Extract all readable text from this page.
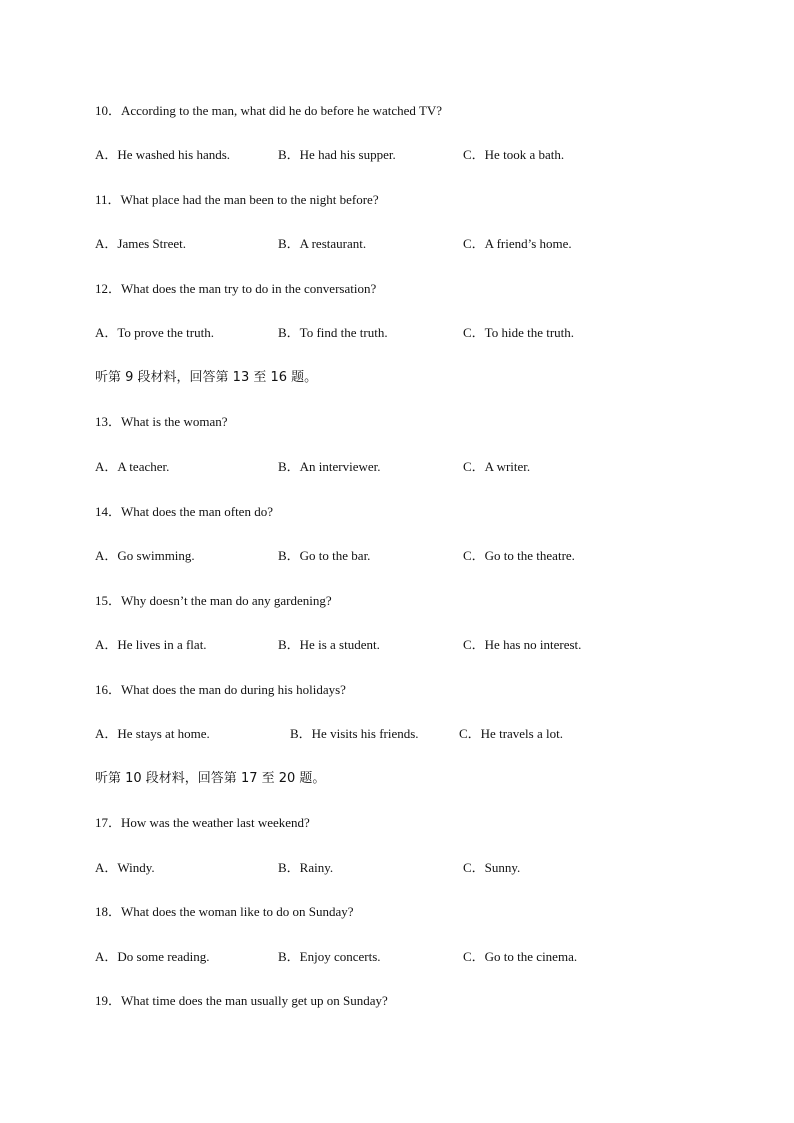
10．According to the man, what did he do before he watched TV?
A．He washed his hands.	B．He had his supper.	C．He took a bath.
11．What place had the man been to the night before?
A．James Street.	B．A restaurant.	C．A friend’s home.
12．What does the man try to do in the conversation?
A．To prove the truth.	B．To find the truth.	C．To hide the truth.
听第 9 段材料，回答第 13 至 16 题。
13．What is the woman?
A．A teacher.	B．An interviewer.	C．A writer.
14．What does the man often do?
A．Go swimming.	B．Go to the bar.	C．Go to the theatre.
15．Why doesn’t the man do any gardening?
A．He lives in a flat.	B．He is a student.	C．He has no interest.
16．What does the man do during his holidays?
A．He stays at home.	B．He visits his friends.	C．He travels a lot.
听第 10 段材料，回答第 17 至 20 题。
17．How was the weather last weekend?
A．Windy.	B．Rainy.	C．Sunny.
18．What does the woman like to do on Sunday?
A．Do some reading.	B．Enjoy concerts.	C．Go to the cinema.
19．What time does the man usually get up on Sunday?
